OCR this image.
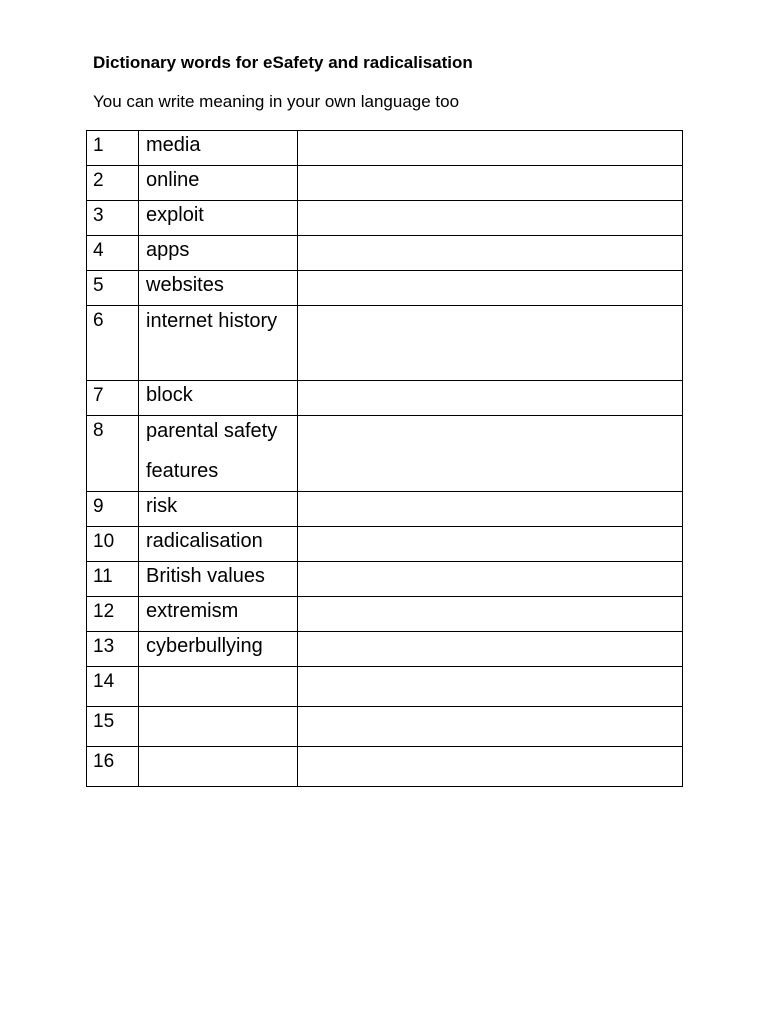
Dictionary words for eSafety and radicalisation
You can write meaning in your own language too
1	media	
2	online	
3	exploit	
4	apps	
5	websites	
6	internet history	

7	block	
8	parental safety features	

9	risk	
10	radicalisation	
11	British values	
12	extremism	
13	cyberbullying	
14		
15		
16		
